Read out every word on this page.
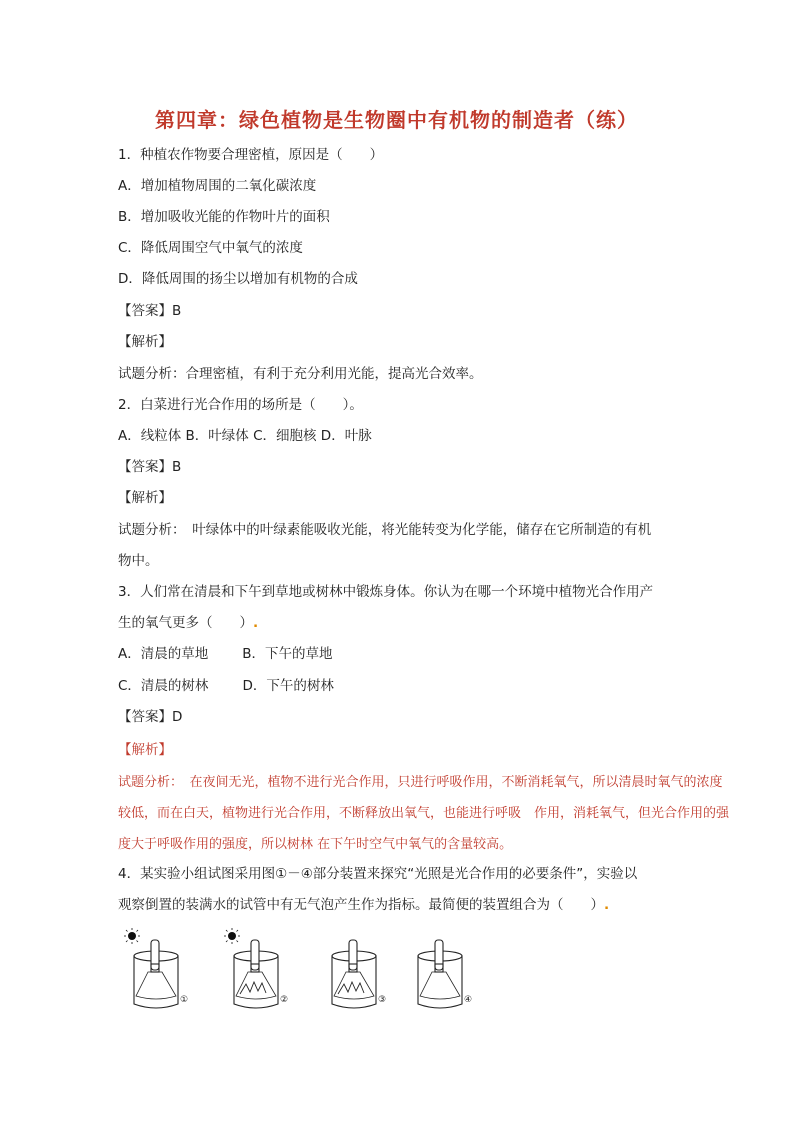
第四章：绿色植物是生物圈中有机物的制造者（练）
1．种植农作物要合理密植，原因是（　　）
A．增加植物周围的二氧化碳浓度
B．增加吸收光能的作物叶片的面积
C．降低周围空气中氧气的浓度
D．降低周围的扬尘以增加有机物的合成
【答案】B
【解析】
试题分析：合理密植，有利于充分利用光能，提高光合效率。
2．白菜进行光合作用的场所是（　　）。
A．线粒体 B．叶绿体 C．细胞核 D．叶脉
【答案】B
【解析】
试题分析：　叶绿体中的叶绿素能吸收光能，将光能转变为化学能，储存在它所制造的有机
物中。
3．人们常在清晨和下午到草地或树林中锻炼身体。你认为在哪一个环境中植物光合作用产
生的氧气更多（　　）.
A．清晨的草地	B．下午的草地
C．清晨的树林	D．下午的树林
【答案】D
【解析】
试题分析：　在夜间无光，植物不进行光合作用，只进行呼吸作用，不断消耗氧气，所以清晨时氧气的浓度
较低，而在白天，植物进行光合作用，不断释放出氧气，也能进行呼吸　作用，消耗氧气，但光合作用的强
度大于呼吸作用的强度，所以树林 在下午时空气中氧气的含量较高。
4．某实验小组试图采用图①－④部分装置来探究“光照是光合作用的必要条件”，实验以
观察倒置的装满水的试管中有无气泡产生作为指标。最简便的装置组合为（　　）.
①	②	③	④
